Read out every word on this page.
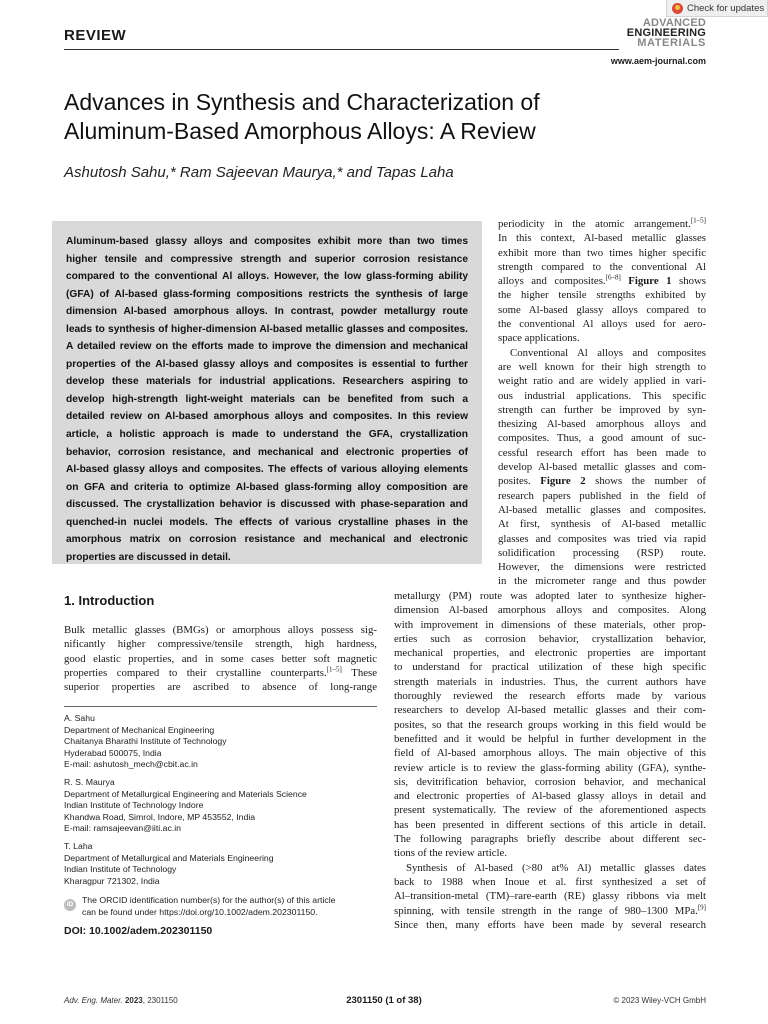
Check for updates
REVIEW
ADVANCED
ENGINEERING
MATERIALS
www.aem-journal.com
Advances in Synthesis and Characterization of
Aluminum-Based Amorphous Alloys: A Review
Ashutosh Sahu,* Ram Sajeevan Maurya,* and Tapas Laha
Aluminum-based glassy alloys and composites exhibit more than two times
higher tensile and compressive strength and superior corrosion resistance
compared to the conventional Al alloys. However, the low glass-forming ability
(GFA) of Al-based glass-forming compositions restricts the synthesis of large
dimension Al-based amorphous alloys. In contrast, powder metallurgy route
leads to synthesis of higher-dimension Al-based metallic glasses and composites.
A detailed review on the efforts made to improve the dimension and mechanical
properties of the Al-based glassy alloys and composites is essential to further
develop these materials for industrial applications. Researchers aspiring to
develop high-strength light-weight materials can be benefited from such a
detailed review on Al-based amorphous alloys and composites. In this review
article, a holistic approach is made to understand the GFA, crystallization
behavior, corrosion resistance, and mechanical and electronic properties of
Al-based glassy alloys and composites. The effects of various alloying elements
on GFA and criteria to optimize Al-based glass-forming alloy composition are
discussed. The crystallization behavior is discussed with phase-separation and
quenched-in nuclei models. The effects of various crystalline phases in the
amorphous matrix on corrosion resistance and mechanical and electronic
properties are discussed in detail.
periodicity in the atomic arrangement.[1–5]
In this context, Al-based metallic glasses
exhibit more than two times higher specific
strength compared to the conventional Al
alloys and composites.[6–8] Figure 1 shows
the higher tensile strengths exhibited by
some Al-based glassy alloys compared to
the conventional Al alloys used for aero-
space applications.
Conventional Al alloys and composites
are well known for their high strength to
weight ratio and are widely applied in vari-
ous industrial applications. This specific
strength can further be improved by syn-
thesizing Al-based amorphous alloys and
composites. Thus, a good amount of suc-
cessful research effort has been made to
develop Al-based metallic glasses and com-
posites. Figure 2 shows the number of
research papers published in the field of
Al-based metallic glasses and composites.
At first, synthesis of Al-based metallic
glasses and composites was tried via rapid
solidification processing (RSP) route.
However, the dimensions were restricted
in the micrometer range and thus powder
metallurgy (PM) route was adopted later to synthesize higher-
dimension Al-based amorphous alloys and composites. Along
with improvement in dimensions of these materials, other prop-
erties such as corrosion behavior, crystallization behavior,
mechanical properties, and electronic properties are important
to understand for practical utilization of these high specific
strength materials in industries. Thus, the current authors have
thoroughly reviewed the research efforts made by various
researchers to develop Al-based metallic glasses and their com-
posites, so that the research groups working in this field would be
benefitted and it would be helpful in further development in the
field of Al-based amorphous alloys. The main objective of this
review article is to review the glass-forming ability (GFA), synthe-
sis, devitrification behavior, corrosion behavior, and mechanical
and electronic properties of Al-based glassy alloys in detail and
present systematically. The review of the aforementioned aspects
has been presented in different sections of this article in detail.
The following paragraphs briefly describe about different sec-
tions of the review article.
Synthesis of Al-based (>80 at% Al) metallic glasses dates
back to 1988 when Inoue et al. first synthesized a set of
Al–transition-metal (TM)–rare-earth (RE) glassy ribbons via melt
spinning, with tensile strength in the range of 980–1300 MPa.[9]
Since then, many efforts have been made by several research
1. Introduction
Bulk metallic glasses (BMGs) or amorphous alloys possess sig-
nificantly higher compressive/tensile strength, high hardness,
good elastic properties, and in some cases better soft magnetic
properties compared to their crystalline counterparts.[1–5] These
superior properties are ascribed to absence of long-range
A. Sahu
Department of Mechanical Engineering
Chaitanya Bharathi Institute of Technology
Hyderabad 500075, India
E-mail: ashutosh_mech@cbit.ac.in
R. S. Maurya
Department of Metallurgical Engineering and Materials Science
Indian Institute of Technology Indore
Khandwa Road, Simrol, Indore, MP 453552, India
E-mail: ramsajeevan@iiti.ac.in
T. Laha
Department of Metallurgical and Materials Engineering
Indian Institute of Technology
Kharagpur 721302, India
iD	The ORCID identification number(s) for the author(s) of this article
can be found under https://doi.org/10.1002/adem.202301150.
DOI: 10.1002/adem.202301150
Adv. Eng. Mater. 2023, 2301150	2301150 (1 of 38)	© 2023 Wiley-VCH GmbH
